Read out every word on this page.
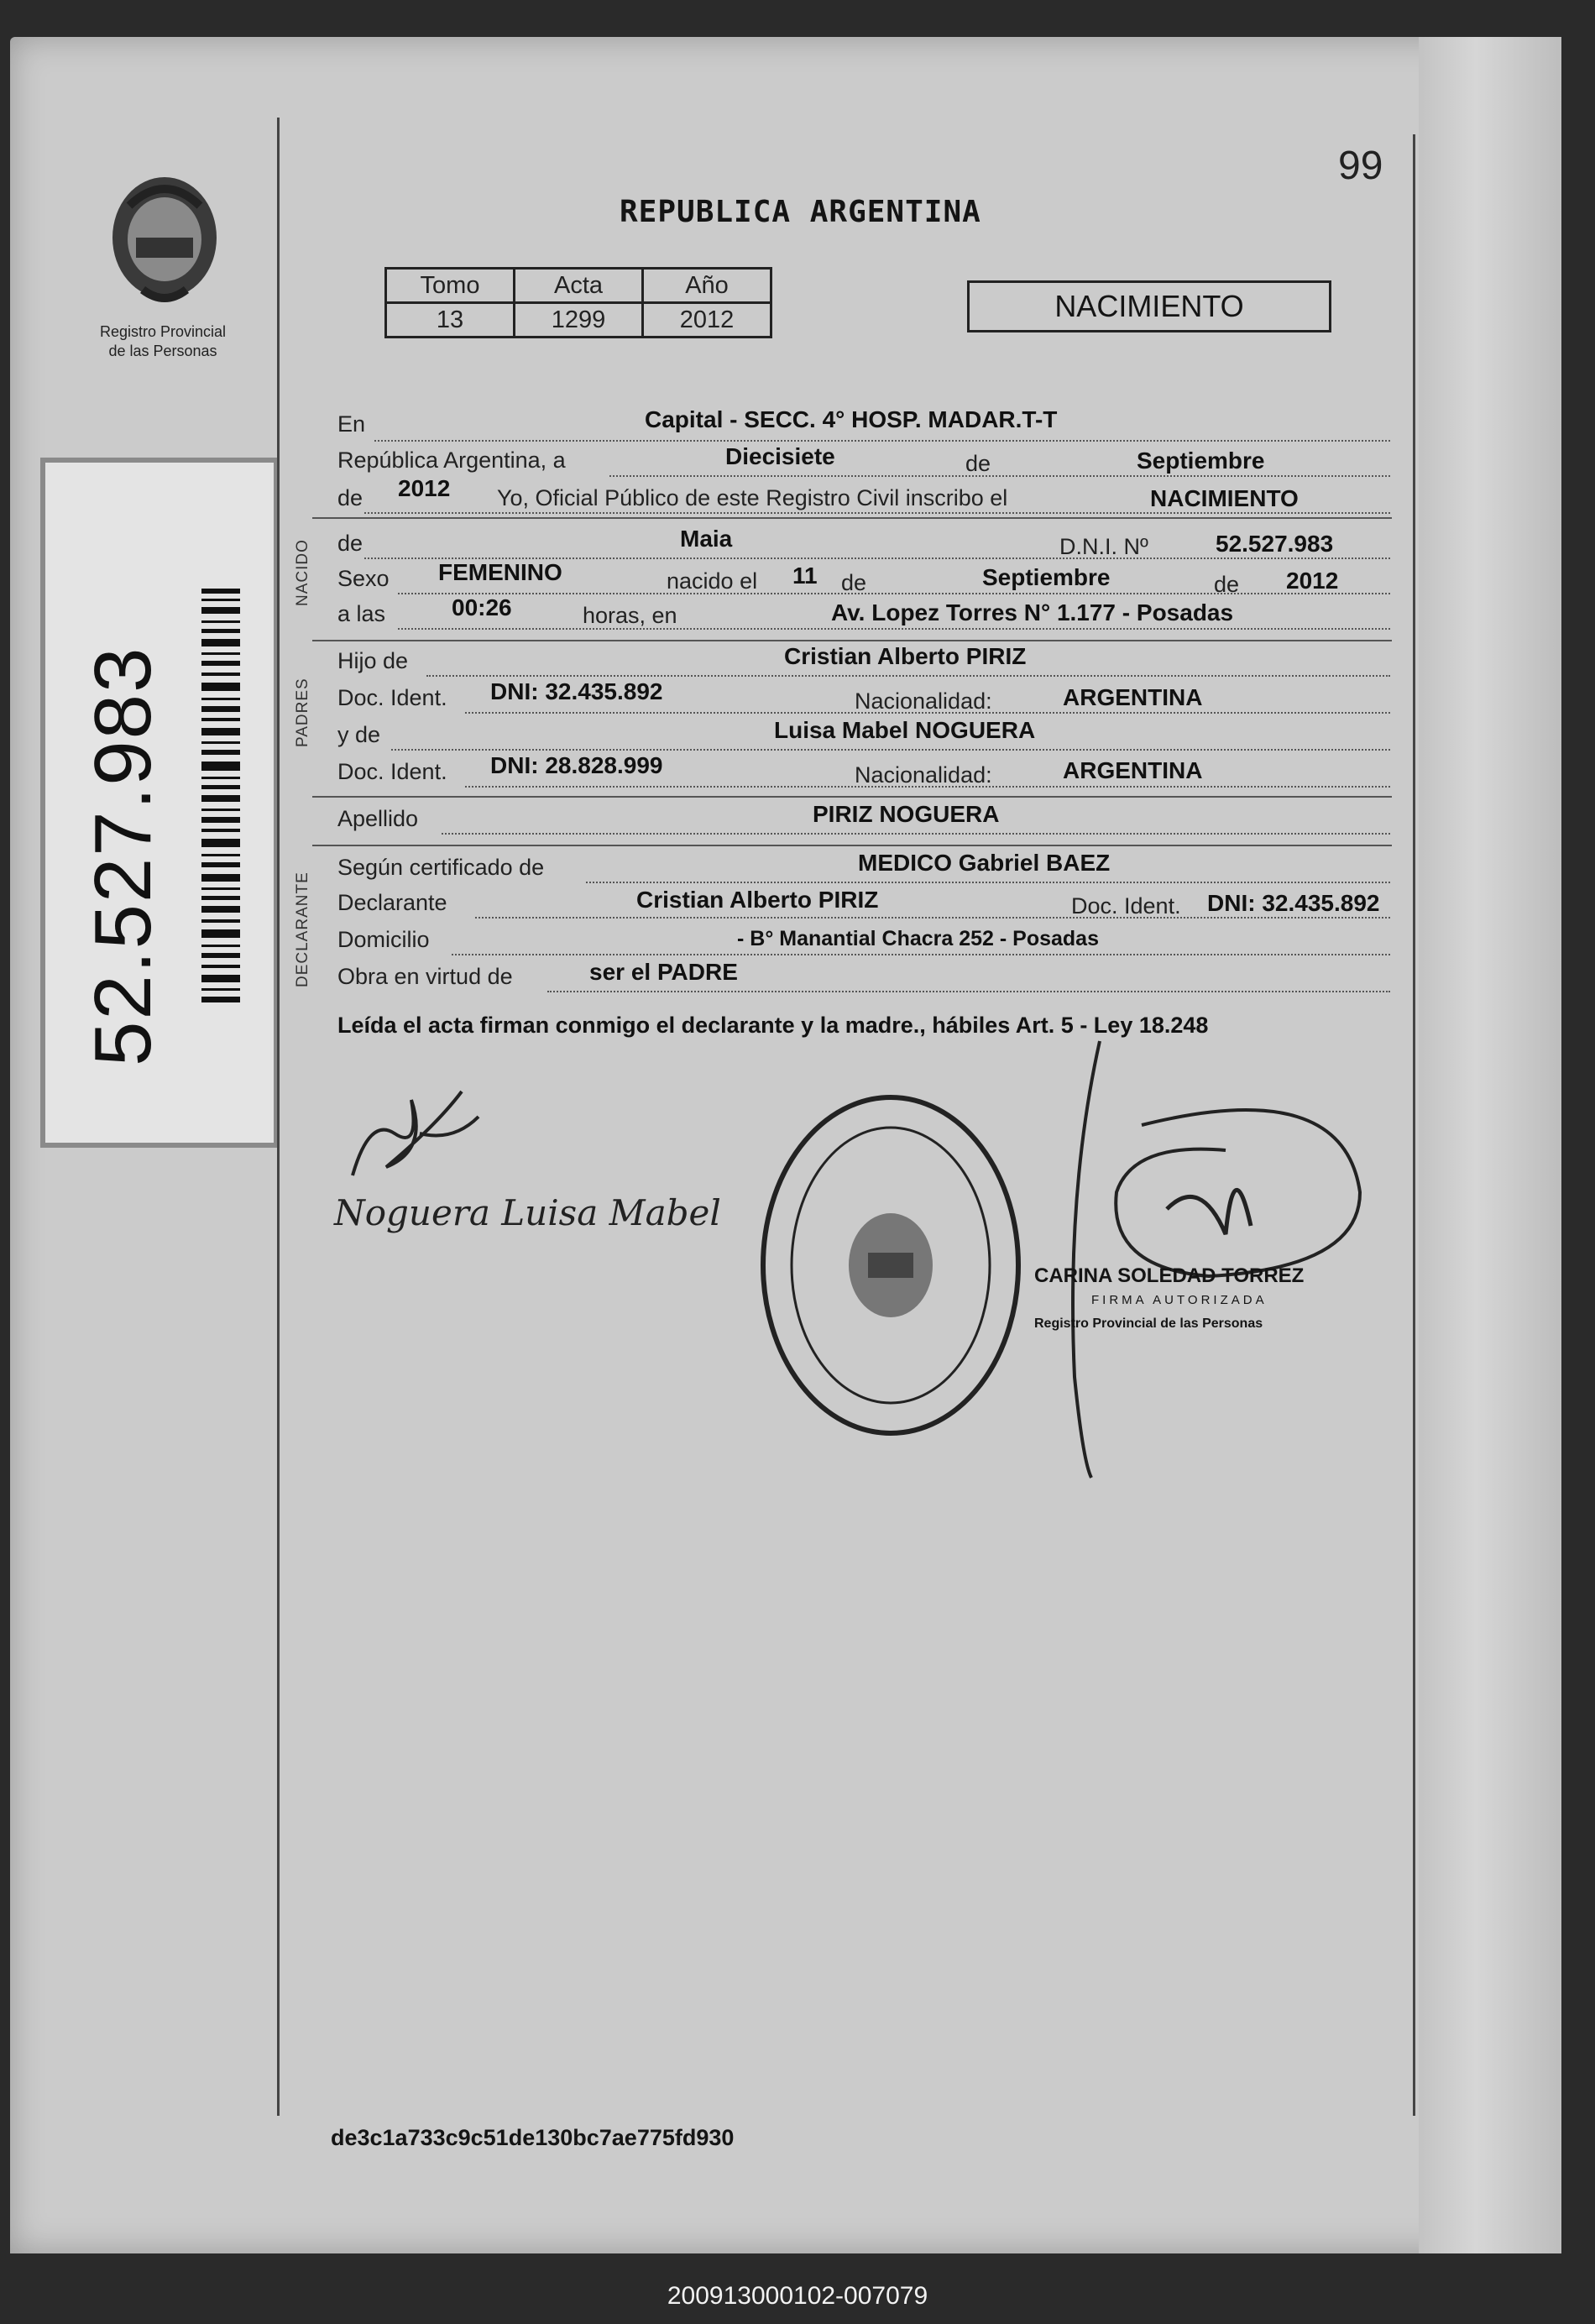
Registro Provincial
de las Personas
52.527.983
99
REPUBLICA ARGENTINA
Tomo	Acta	Año
13	1299	2012	NACIMIENTO
NACIDO
PADRES
DECLARANTE
En	Capital - SECC. 4° HOSP. MADAR.T-T
República Argentina, a	Diecisiete	de	Septiembre
de 2012 Yo, Oficial Público de este Registro Civil inscribo el	NACIMIENTO
de	Maia	D.N.I. Nº	52.527.983
Sexo FEMENINO	nacido el 11 de	Septiembre	de 2012
a las	00:26	horas, en	Av. Lopez Torres N° 1.177 - Posadas
Hijo de	Cristian Alberto PIRIZ
Doc. Ident. DNI: 32.435.892	Nacionalidad:	ARGENTINA
y de	Luisa Mabel NOGUERA
Doc. Ident. DNI: 28.828.999	Nacionalidad:	ARGENTINA
Apellido	PIRIZ NOGUERA
Según certificado de	MEDICO Gabriel BAEZ
Declarante	Cristian Alberto PIRIZ	Doc. Ident. DNI: 32.435.892
Domicilio	- B° Manantial Chacra 252 - Posadas
Obra en virtud de	ser el PADRE
Leída el acta firman conmigo el declarante y la madre., hábiles Art. 5 - Ley 18.248
Noguera Luisa Mabel
CARINA SOLEDAD TORREZ
FIRMA AUTORIZADA
Registro Provincial de las Personas
de3c1a733c9c51de130bc7ae775fd930
200913000102-007079
